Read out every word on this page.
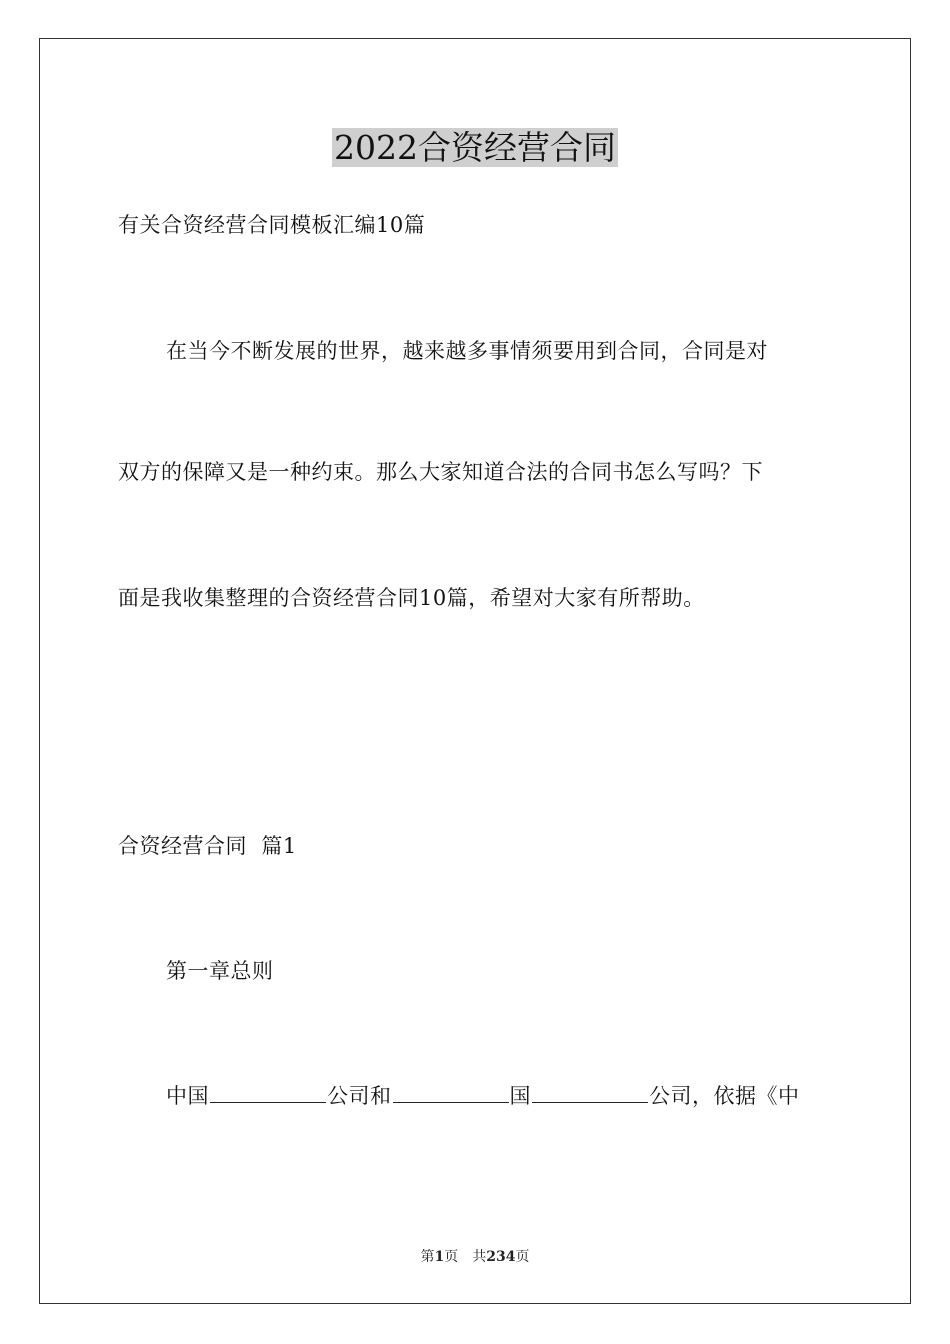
2022合资经营合同
有关合资经营合同模板汇编10篇
在当今不断发展的世界，越来越多事情须要用到合同，合同是对
双方的保障又是一种约束。那么大家知道合法的合同书怎么写吗？下
面是我收集整理的合资经营合同10篇，希望对大家有所帮助。
合资经营合同  篇1
第一章总则
中国	公司和	国	公司，依据《中
第1页 共234页
